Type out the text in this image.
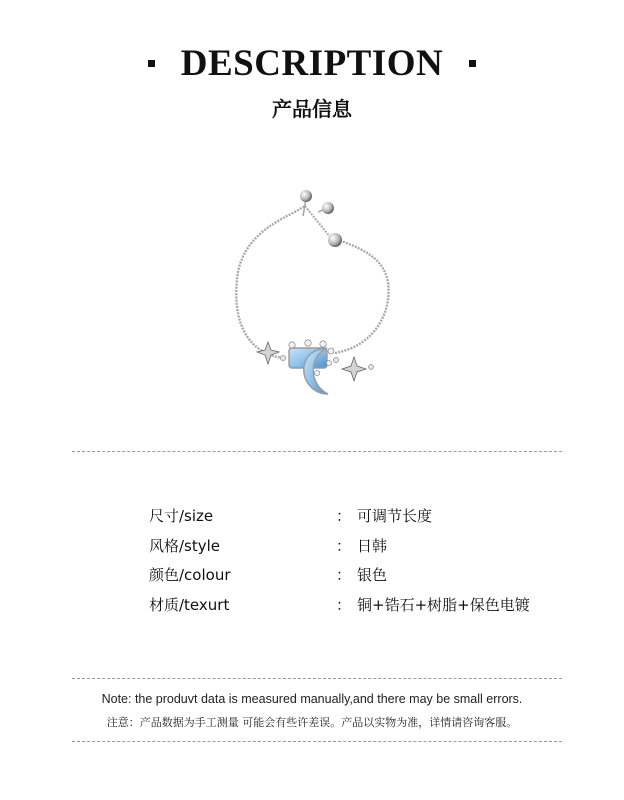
DESCRIPTION
产品信息
尺寸/size	： 可调节长度
风格/style	： 日韩
颜色/colour	： 银色
材质/texurt	： 铜+锆石+树脂+保色电镀
Note: the produvt data is measured manually,and there may be small errors.
注意：产品数据为手工测量 可能会有些许差误。产品以实物为准，详情请咨询客服。
